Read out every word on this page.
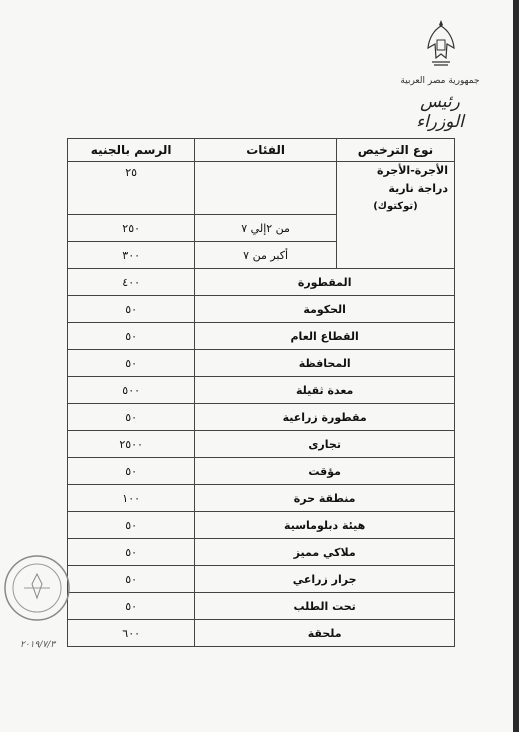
جمهورية مصر العربية
رئيس الوزراء
نوع الترخيص	الفئات	الرسم بالجنيه
الأجرة-الأجرة دراجة نارية
(توكتوك)		٢٥
	من ٢إلي ٧	٢٥٠
	أكبر من ٧	٣٠٠
المقطورة		٤٠٠
الحكومة		٥٠
القطاع العام		٥٠
المحافظة		٥٠
معدة ثقيلة		٥٠٠
مقطورة زراعية		٥٠
تجارى		٢٥٠٠
مؤقت		٥٠
منطقة حرة		١٠٠
هيئة دبلوماسية		٥٠
ملاكي مميز		٥٠
جرار زراعي		٥٠
تحت الطلب		٥٠
ملحقة		٦٠٠
٢٠١٩/٧/٣
